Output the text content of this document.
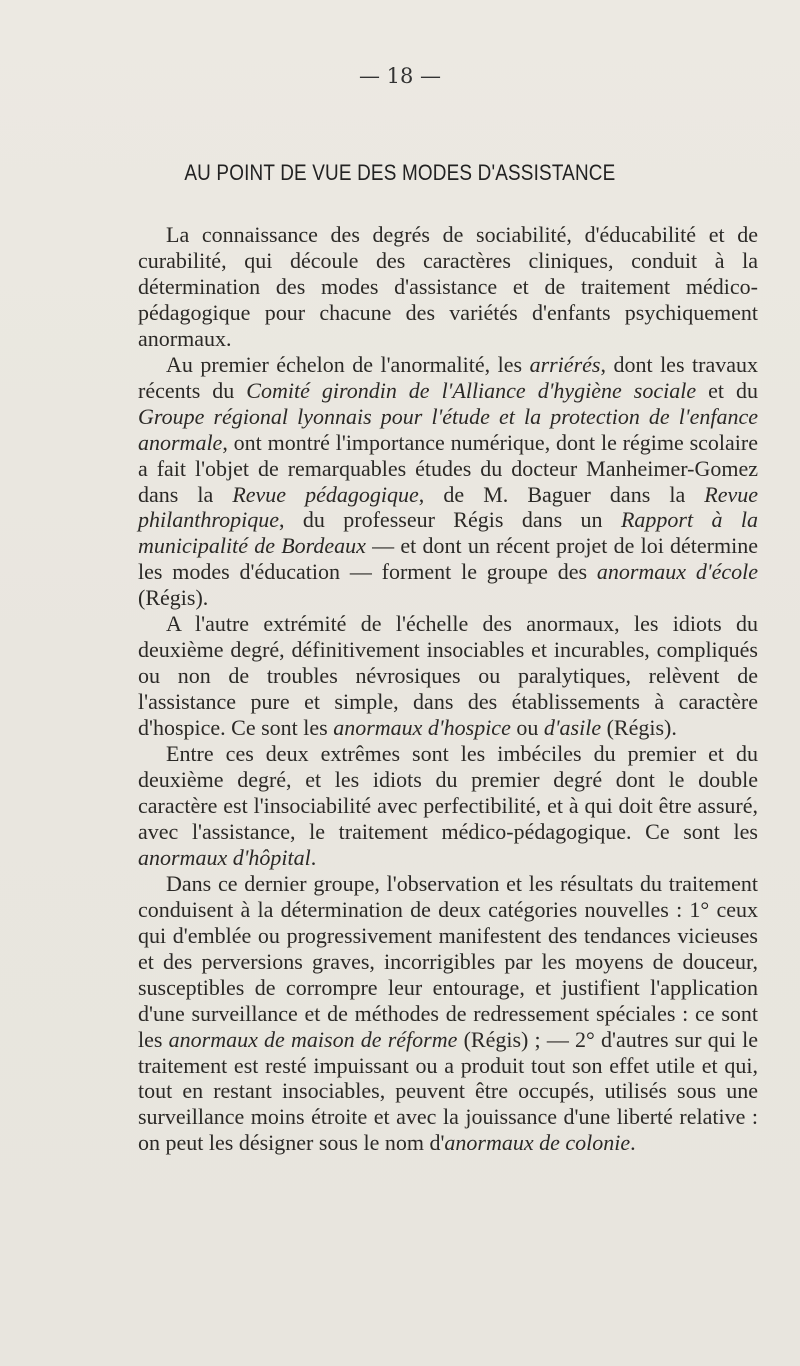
— 18 —
AU POINT DE VUE DES MODES D'ASSISTANCE

La connaissance des degrés de sociabilité, d'éducabilité et de curabilité, qui découle des caractères cliniques, conduit à la détermination des modes d'assistance et de traitement médico-pédagogique pour chacune des variétés d'enfants psychiquement anormaux.

Au premier échelon de l'anormalité, les arriérés, dont les travaux récents du Comité girondin de l'Alliance d'hygiène sociale et du Groupe régional lyonnais pour l'étude et la protection de l'enfance anormale, ont montré l'importance numérique, dont le régime scolaire a fait l'objet de remarquables études du docteur Manheimer-Gomez dans la Revue pédagogique, de M. Baguer dans la Revue philanthropique, du professeur Régis dans un Rapport à la municipalité de Bordeaux — et dont un récent projet de loi détermine les modes d'éducation — forment le groupe des anormaux d'école (Régis).

A l'autre extrémité de l'échelle des anormaux, les idiots du deuxième degré, définitivement insociables et incurables, compliqués ou non de troubles névrosiques ou paralytiques, relèvent de l'assistance pure et simple, dans des établissements à caractère d'hospice. Ce sont les anormaux d'hospice ou d'asile (Régis).

Entre ces deux extrêmes sont les imbéciles du premier et du deuxième degré, et les idiots du premier degré dont le double caractère est l'insociabilité avec perfectibilité, et à qui doit être assuré, avec l'assistance, le traitement médico-pédagogique. Ce sont les anormaux d'hôpital.

Dans ce dernier groupe, l'observation et les résultats du traitement conduisent à la détermination de deux catégories nouvelles : 1° ceux qui d'emblée ou progressivement manifestent des tendances vicieuses et des perversions graves, incorrigibles par les moyens de douceur, susceptibles de corrompre leur entourage, et justifient l'application d'une surveillance et de méthodes de redressement spéciales : ce sont les anormaux de maison de réforme (Régis) ; — 2° d'autres sur qui le traitement est resté impuissant ou a produit tout son effet utile et qui, tout en restant insociables, peuvent être occupés, utilisés sous une surveillance moins étroite et avec la jouissance d'une liberté relative : on peut les désigner sous le nom d'anormaux de colonie.
